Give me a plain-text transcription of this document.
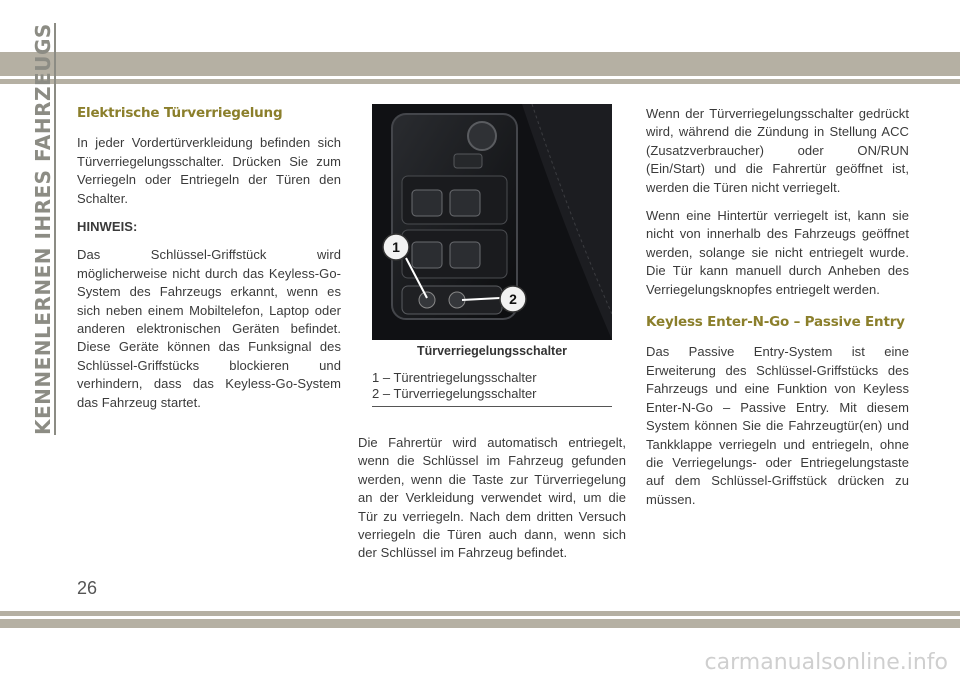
KENNENLERNEN IHRES FAHRZEUGS Elektrische Türverriegelung

In jeder Vordertürverkleidung befinden sich Türverriegelungsschalter. Drücken Sie zum Verriegeln oder Entriegeln der Türen den Schalter.

HINWEIS:

Das Schlüssel-Griffstück wird möglicherweise nicht durch das Keyless-Go-System des Fahrzeugs erkannt, wenn es sich neben einem Mobiltelefon, Laptop oder anderen elektronischen Geräten befindet. Diese Geräte können das Funksignal des Schlüssel-Griffstücks blockieren und verhindern, dass das Keyless-Go-System das Fahrzeug startet.

1
2
Türverriegelungsschalter
1 – Türentriegelungsschalter
2 – Türverriegelungsschalter

Die Fahrertür wird automatisch entriegelt, wenn die Schlüssel im Fahrzeug gefunden werden, wenn die Taste zur Türverriegelung an der Verkleidung verwendet wird, um die Tür zu verriegeln. Nach dem dritten Versuch verriegeln die Türen auch dann, wenn sich der Schlüssel im Fahrzeug befindet.

Wenn der Türverriegelungsschalter gedrückt wird, während die Zündung in Stellung ACC (Zusatzverbraucher) oder ON/RUN (Ein/Start) und die Fahrertür geöffnet ist, werden die Türen nicht verriegelt.

Wenn eine Hintertür verriegelt ist, kann sie nicht von innerhalb des Fahrzeugs geöffnet werden, solange sie nicht entriegelt wurde. Die Tür kann manuell durch Anheben des Verriegelungsknopfes entriegelt werden.

Keyless Enter-N-Go – Passive Entry

Das Passive Entry-System ist eine Erweiterung des Schlüssel-Griffstücks des Fahrzeugs und eine Funktion von Keyless Enter-N-Go – Passive Entry. Mit diesem System können Sie die Fahrzeugtür(en) und Tankklappe verriegeln und entriegeln, ohne die Verriegelungs- oder Entriegelungstaste auf dem Schlüssel-Griffstück drücken zu müssen.

26
carmanualsonline.info
